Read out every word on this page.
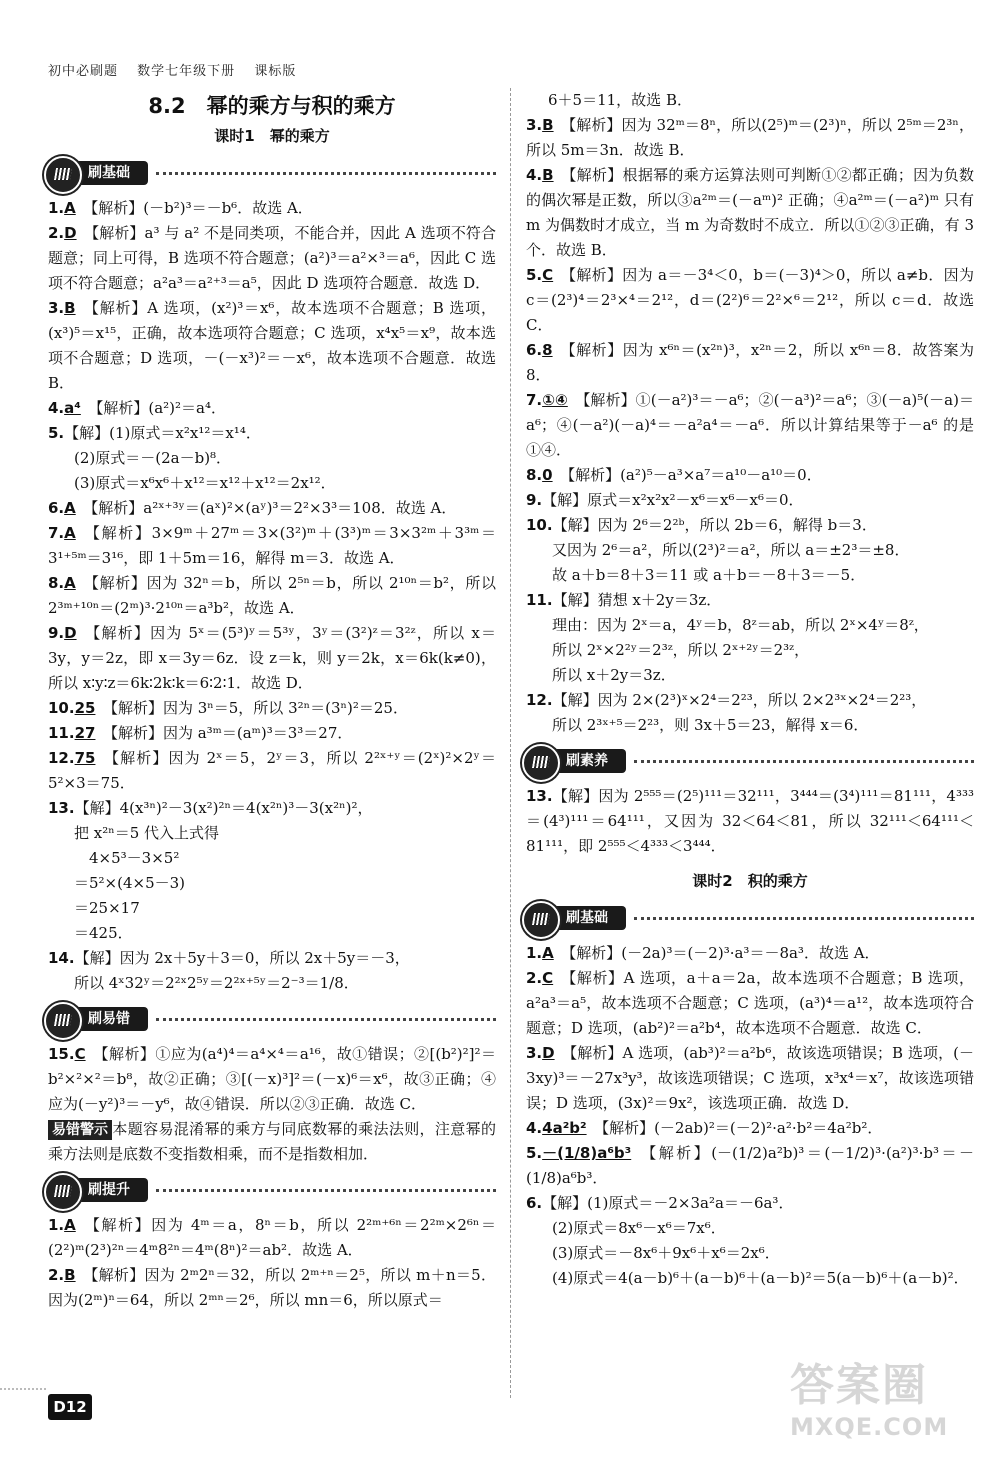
初中必刷题 数学七年级下册 课标版
8.2　幂的乘方与积的乘方
课时1　幂的乘方
刷基础

1.A  【解析】(－b²)³＝－b⁶．故选 A．

2.D  【解析】a³ 与 a² 不是同类项，不能合并，因此 A 选项不符合题意；同上可得，B 选项不符合题意；(a²)³＝a²×³＝a⁶，因此 C 选项不符合题意；a²a³＝a²⁺³＝a⁵，因此 D 选项符合题意．故选 D．

3.B  【解析】A 选项，(x²)³＝x⁶，故本选项不合题意；B 选项，(x³)⁵＝x¹⁵，正确，故本选项符合题意；C 选项，x⁴x⁵＝x⁹，故本选项不合题意；D 选项，－(－x³)²＝－x⁶，故本选项不合题意．故选 B．

4.a⁴  【解析】(a²)²＝a⁴．

5.【解】(1)原式＝x²x¹²＝x¹⁴．

(2)原式＝－(2a－b)⁸．

(3)原式＝x⁶x⁶＋x¹²＝x¹²＋x¹²＝2x¹²．

6.A  【解析】a²ˣ⁺³ʸ＝(aˣ)²×(aʸ)³＝2²×3³＝108．故选 A．

7.A  【解析】3×9ᵐ＋27ᵐ＝3×(3²)ᵐ＋(3³)ᵐ＝3×3²ᵐ＋3³ᵐ＝3¹⁺⁵ᵐ＝3¹⁶，即 1＋5m＝16，解得 m＝3．故选 A．

8.A  【解析】因为 32ⁿ＝b，所以 2⁵ⁿ＝b，所以 2¹⁰ⁿ＝b²，所以 2³ᵐ⁺¹⁰ⁿ＝(2ᵐ)³·2¹⁰ⁿ＝a³b²，故选 A．

9.D  【解析】因为 5ˣ＝(5³)ʸ＝5³ʸ，3ʸ＝(3²)ᶻ＝3²ᶻ，所以 x＝3y，y＝2z，即 x＝3y＝6z．设 z＝k，则 y＝2k，x＝6k(k≠0)，所以 x∶y∶z＝6k∶2k∶k＝6∶2∶1．故选 D．

10.25  【解析】因为 3ⁿ＝5，所以 3²ⁿ＝(3ⁿ)²＝25．

11.27  【解析】因为 a³ᵐ＝(aᵐ)³＝3³＝27．

12.75  【解析】因为 2ˣ＝5，2ʸ＝3，所以 2²ˣ⁺ʸ＝(2ˣ)²×2ʸ＝5²×3＝75．

13.【解】4(x³ⁿ)²－3(x²)²ⁿ＝4(x²ⁿ)³－3(x²ⁿ)²，

把 x²ⁿ＝5 代入上式得

　4×5³－3×5²

＝5²×(4×5－3)

＝25×17

＝425．

14.【解】因为 2x＋5y＋3＝0，所以 2x＋5y＝－3，

所以 4ˣ32ʸ＝2²ˣ2⁵ʸ＝2²ˣ⁺⁵ʸ＝2⁻³＝1/8．

刷易错

15.C  【解析】①应为(a⁴)⁴＝a⁴×⁴＝a¹⁶，故①错误；②[(b²)²]²＝b²×²×²＝b⁸，故②正确；③[(－x)³]²＝(－x)⁶＝x⁶，故③正确；④应为(－y²)³＝－y⁶，故④错误．所以②③正确．故选 C．

易错警示 本题容易混淆幂的乘方与同底数幂的乘法法则，注意幂的乘方法则是底数不变指数相乘，而不是指数相加．

刷提升

1.A  【解析】因为 4ᵐ＝a，8ⁿ＝b，所以 2²ᵐ⁺⁶ⁿ＝2²ᵐ×2⁶ⁿ＝(2²)ᵐ(2³)²ⁿ＝4ᵐ8²ⁿ＝4ᵐ(8ⁿ)²＝ab²．故选 A．

2.B  【解析】因为 2ᵐ2ⁿ＝32，所以 2ᵐ⁺ⁿ＝2⁵，所以 m＋n＝5．因为(2ᵐ)ⁿ＝64，所以 2ᵐⁿ＝2⁶，所以 mn＝6，所以原式＝

6＋5＝11，故选 B．

3.B  【解析】因为 32ᵐ＝8ⁿ，所以(2⁵)ᵐ＝(2³)ⁿ，所以 2⁵ᵐ＝2³ⁿ，所以 5m＝3n．故选 B．

4.B  【解析】根据幂的乘方运算法则可判断①②都正确；因为负数的偶次幂是正数，所以③a²ᵐ＝(－aᵐ)² 正确；④a²ᵐ＝(－a²)ᵐ 只有 m 为偶数时才成立，当 m 为奇数时不成立．所以①②③正确，有 3 个．故选 B．

5.C  【解析】因为 a＝－3⁴＜0，b＝(－3)⁴＞0，所以 a≠b．因为 c＝(2³)⁴＝2³×⁴＝2¹²，d＝(2²)⁶＝2²×⁶＝2¹²，所以 c＝d．故选 C．

6.8  【解析】因为 x⁶ⁿ＝(x²ⁿ)³，x²ⁿ＝2，所以 x⁶ⁿ＝8．故答案为 8．

7.①④  【解析】①(－a²)³＝－a⁶；②(－a³)²＝a⁶；③(－a)⁵(－a)＝a⁶；④(－a²)(－a)⁴＝－a²a⁴＝－a⁶．所以计算结果等于－a⁶ 的是①④．

8.0  【解析】(a²)⁵－a³×a⁷＝a¹⁰－a¹⁰＝0．

9.【解】原式＝x²x²x²－x⁶＝x⁶－x⁶＝0．

10.【解】因为 2⁶＝2²ᵇ，所以 2b＝6，解得 b＝3．

又因为 2⁶＝a²，所以(2³)²＝a²，所以 a＝±2³＝±8．

故 a＋b＝8＋3＝11 或 a＋b＝－8＋3＝－5．

11.【解】猜想 x＋2y＝3z．

理由：因为 2ˣ＝a，4ʸ＝b，8ᶻ＝ab，所以 2ˣ×4ʸ＝8ᶻ，

所以 2ˣ×2²ʸ＝2³ᶻ，所以 2ˣ⁺²ʸ＝2³ᶻ，

所以 x＋2y＝3z．

12.【解】因为 2×(2³)ˣ×2⁴＝2²³，所以 2×2³ˣ×2⁴＝2²³，

所以 2³ˣ⁺⁵＝2²³，则 3x＋5＝23，解得 x＝6．

刷素养

13.【解】因为 2⁵⁵⁵＝(2⁵)¹¹¹＝32¹¹¹，3⁴⁴⁴＝(3⁴)¹¹¹＝81¹¹¹，4³³³＝(4³)¹¹¹＝64¹¹¹，又因为 32＜64＜81，所以 32¹¹¹＜64¹¹¹＜81¹¹¹，即 2⁵⁵⁵＜4³³³＜3⁴⁴⁴．

课时2　积的乘方
刷基础

1.A  【解析】(－2a)³＝(－2)³·a³＝－8a³．故选 A．

2.C  【解析】A 选项，a＋a＝2a，故本选项不合题意；B 选项，a²a³＝a⁵，故本选项不合题意；C 选项，(a³)⁴＝a¹²，故本选项符合题意；D 选项，(ab²)²＝a²b⁴，故本选项不合题意．故选 C．

3.D  【解析】A 选项，(ab³)²＝a²b⁶，故该选项错误；B 选项，(－3xy)³＝－27x³y³，故该选项错误；C 选项，x³x⁴＝x⁷，故该选项错误；D 选项，(3x)²＝9x²，该选项正确．故选 D．

4.4a²b²  【解析】(－2ab)²＝(－2)²·a²·b²＝4a²b²．

5.－(1/8)a⁶b³  【解析】(－(1/2)a²b)³＝(－1/2)³·(a²)³·b³＝－(1/8)a⁶b³．

6.【解】(1)原式＝－2×3a²a＝－6a³．

(2)原式＝8x⁶－x⁶＝7x⁶．

(3)原式＝－8x⁶＋9x⁶＋x⁶＝2x⁶．

(4)原式＝4(a－b)⁶＋(a－b)⁶＋(a－b)²＝5(a－b)⁶＋(a－b)²．

D12	答案圈
MXQE.COM
